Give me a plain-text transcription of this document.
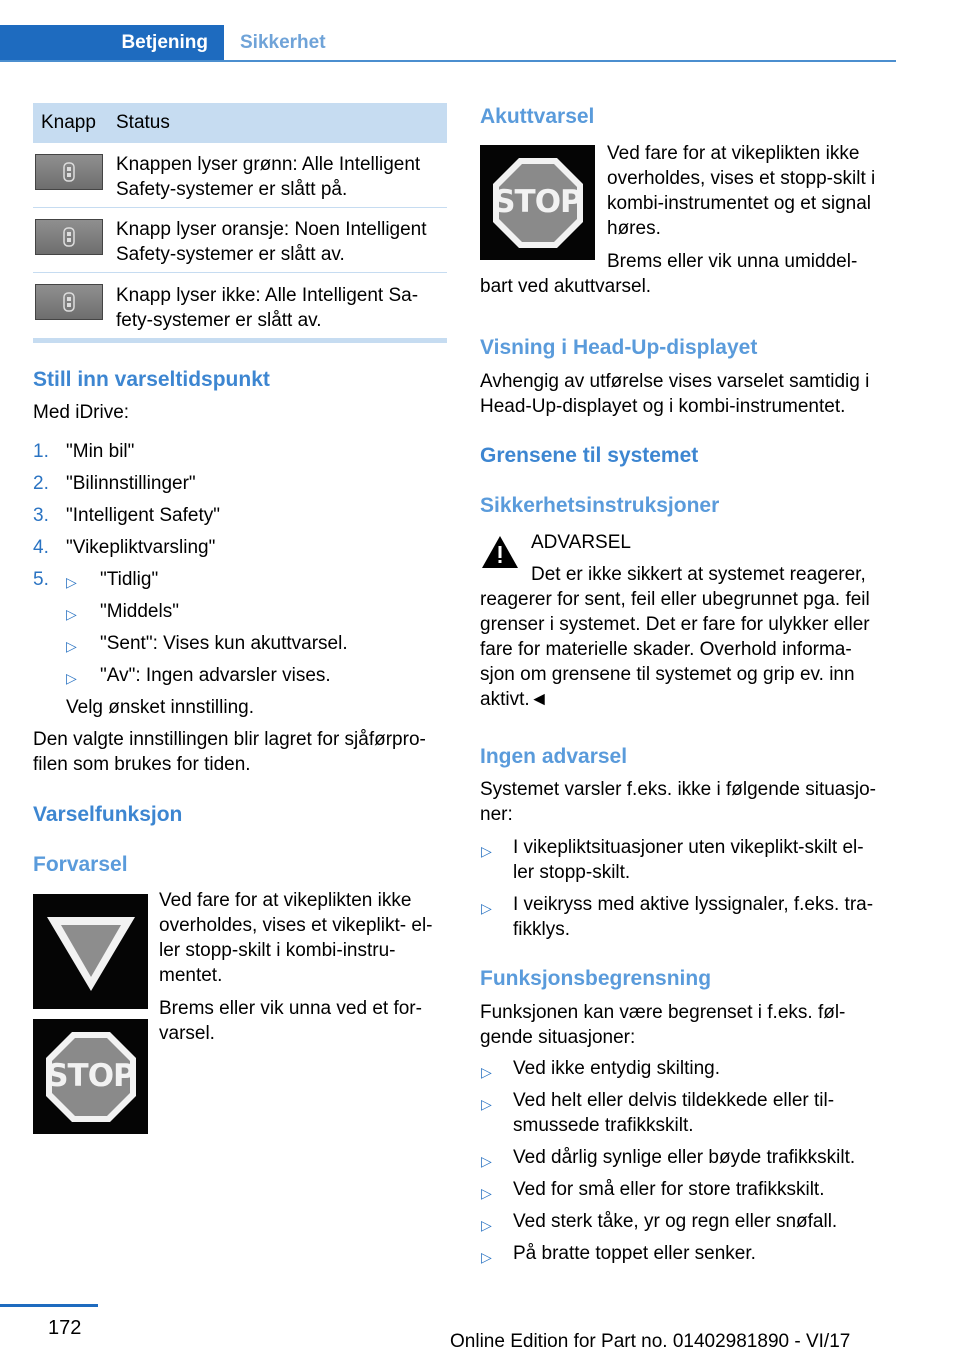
Betjening	Sikkerhet
Knapp Status
Knappen lyser grønn: Alle Intelligent
Safety-systemer er slått på.
Knapp lyser oransje: Noen Intelligent
Safety-systemer er slått av.
Knapp lyser ikke: Alle Intelligent Sa-
fety-systemer er slått av.
Still inn varseltidspunkt
Med iDrive:
1. "Min bil"
2. "Bilinnstillinger"
3. "Intelligent Safety"
4. "Vikepliktvarsling"
5.	▷ "Tidlig"
▷ "Middels"
▷ "Sent": Vises kun akuttvarsel.
▷ "Av": Ingen advarsler vises.
Velg ønsket innstilling.
Den valgte innstillingen blir lagret for sjåførpro-
filen som brukes for tiden.
Varselfunksjon
Forvarsel
STOP
Ved fare for at vikeplikten ikke
overholdes, vises et vikeplikt- el-
ler stopp-skilt i kombi-instru-
mentet.
Brems eller vik unna ved et for-
varsel.
Akuttvarsel
STOP
Ved fare for at vikeplikten ikke
overholdes, vises et stopp-skilt i
kombi-instrumentet og et signal
høres.
Brems eller vik unna umiddel-
bart ved akuttvarsel.
Visning i Head-Up-displayet
Avhengig av utførelse vises varselet samtidig i
Head-Up-displayet og i kombi-instrumentet.
Grensene til systemet
Sikkerhetsinstruksjoner
ADVARSEL
Det er ikke sikkert at systemet reagerer,
reagerer for sent, feil eller ubegrunnet pga. feil
grenser i systemet. Det er fare for ulykker eller
fare for materielle skader. Overhold informa-
sjon om grensene til systemet og grip ev. inn
aktivt.◄
Ingen advarsel
Systemet varsler f.eks. ikke i følgende situasjo-
ner:
▷ I vikepliktsituasjoner uten vikeplikt-skilt el-
ler stopp-skilt.
▷ I veikryss med aktive lyssignaler, f.eks. tra-
fikklys.
Funksjonsbegrensning
Funksjonen kan være begrenset i f.eks. føl-
gende situasjoner:
▷ Ved ikke entydig skilting.
▷ Ved helt eller delvis tildekkede eller til-
smussede trafikkskilt.
▷ Ved dårlig synlige eller bøyde trafikkskilt.
▷ Ved for små eller for store trafikkskilt.
▷ Ved sterk tåke, yr og regn eller snøfall.
▷ På bratte toppet eller senker.
172
Online Edition for Part no. 01402981890 - VI/17
